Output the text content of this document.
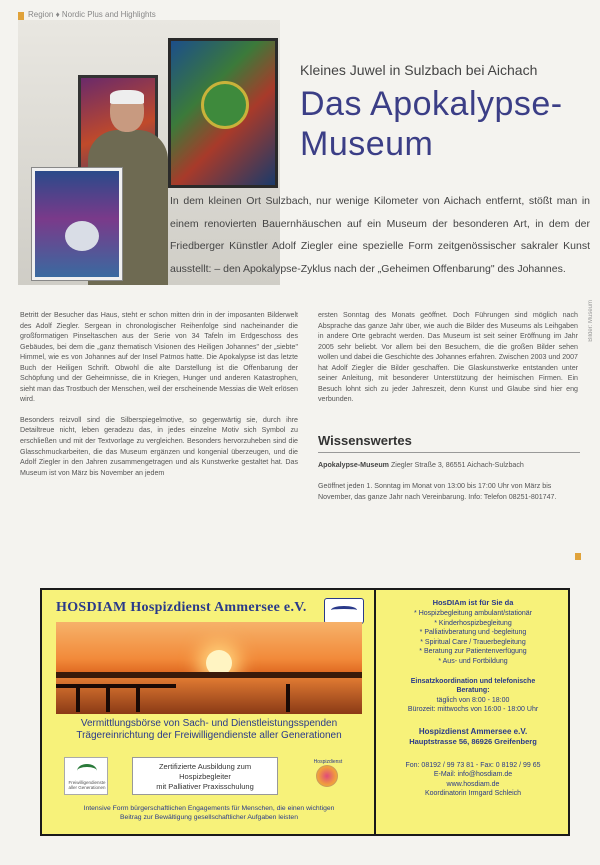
Region ♦ Nordic Plus and Highlights
Kleines Juwel in Sulzbach bei Aichach
Das Apokalypse-
Museum
In dem kleinen Ort Sulzbach, nur wenige Kilometer von Aichach entfernt, stößt man in einem renovierten Bauernhäuschen auf ein Museum der besonderen Art, in dem der Friedberger Künstler Adolf Ziegler eine spezielle Form zeitgenössischer sakraler Kunst ausstellt: – den Apokalypse-Zyklus nach der „Geheimen Offenbarung" des Johannes.

Betritt der Besucher das Haus, steht er schon mitten drin in der imposanten Bilderwelt des Adolf Ziegler. Sergean in chronologischer Reihenfolge sind nacheinander die großformatigen Pinseltaschen aus der Serie von 34 Tafeln im Erdgeschoss des Gebäudes, bei dem die „ganz thematisch Visionen des Heiligen Johannes" der „siebte" Himmel, wie es von Johannes auf der Insel Patmos hatte. Die Apokalypse ist das letzte Buch der Heiligen Schrift. Obwohl die alte Darstellung ist die Offenbarung der Schöpfung und der Geheimnisse, die in Kriegen, Hunger und anderen Katastrophen, sieht man das Trostbuch der Menschen, weil der erscheinende Messias die Welt erlösen wird.

Besonders reizvoll sind die Silberspiegelmotive, so gegenwärtig sie, durch ihre Detailtreue nicht, leben geradezu das, in jedes einzelne Motiv sich Symbol zu erschließen und mit der Textvorlage zu vergleichen. Besonders hervorzuheben sind die Glasschmuckarbeiten, die das Museum ergänzen und kongenial überzeugen, und die Adolf Ziegler in den Jahren zusammengetragen und als Kunstwerke gestaltet hat. Das Museum ist von März bis November an jedem

ersten Sonntag des Monats geöffnet. Doch Führungen sind möglich nach Absprache das ganze Jahr über, wie auch die Bilder des Museums als Leihgaben in andere Orte gebracht werden. Das Museum ist seit seiner Eröffnung im Jahr 2005 sehr beliebt. Vor allem bei den Besuchern, die die großen Bilder sehen wollen und dabei die Geschichte des Johannes erfahren. Zwischen 2003 und 2007 hat Adolf Ziegler die Bilder geschaffen. Die Glaskunstwerke entstanden unter seiner Anleitung, mit besonderer Unterstützung der heimischen Firmen. Ein Besuch lohnt sich zu jeder Jahreszeit, denn Kunst und Glaube sind hier eng verbunden.

Wissenswertes
Apokalypse-Museum Ziegler Straße 3, 86551 Aichach-Sulzbach
Geöffnet jeden 1. Sonntag im Monat von 13:00 bis 17:00 Uhr von März bis November, das ganze Jahr nach Vereinbarung. Info: Telefon 08251-801747.
Bilder: Museum
HOSDIAM Hospizdienst Ammersee e.V.
Vermittlungsbörse von Sach- und Dienstleistungsspenden
Trägereinrichtung der Freiwilligendienste aller Generationen
Freiwilligendienste aller Generationen
Zertifizierte Ausbildung zum
Hospizbegleiter
mit Palliativer Praxisschulung
Hospizdienst
Intensive Form bürgerschaftlichen Engagements für Menschen, die einen wichtigen
Beitrag zur Bewältigung gesellschaftlicher Aufgaben leisten
HosDIAm ist für Sie da
* Hospizbegleitung ambulant/stationär
* Kinderhospizbegleitung
* Palliativberatung und -begleitung
* Spiritual Care / Trauerbegleitung
* Beratung zur Patientenverfügung
* Aus- und Fortbildung
Einsatzkoordination und telefonische
Beratung:
täglich von 8:00 - 18:00
Bürozeit: mittwochs von 16:00 - 18:00 Uhr
Hospizdienst Ammersee e.V.
Hauptstrasse 56, 86926 Greifenberg
Fon: 08192 / 99 73 81 - Fax: 0 8192 / 99 65
E-Mail: info@hosdiam.de
www.hosdiam.de
Koordinatorin Irmgard Schleich
